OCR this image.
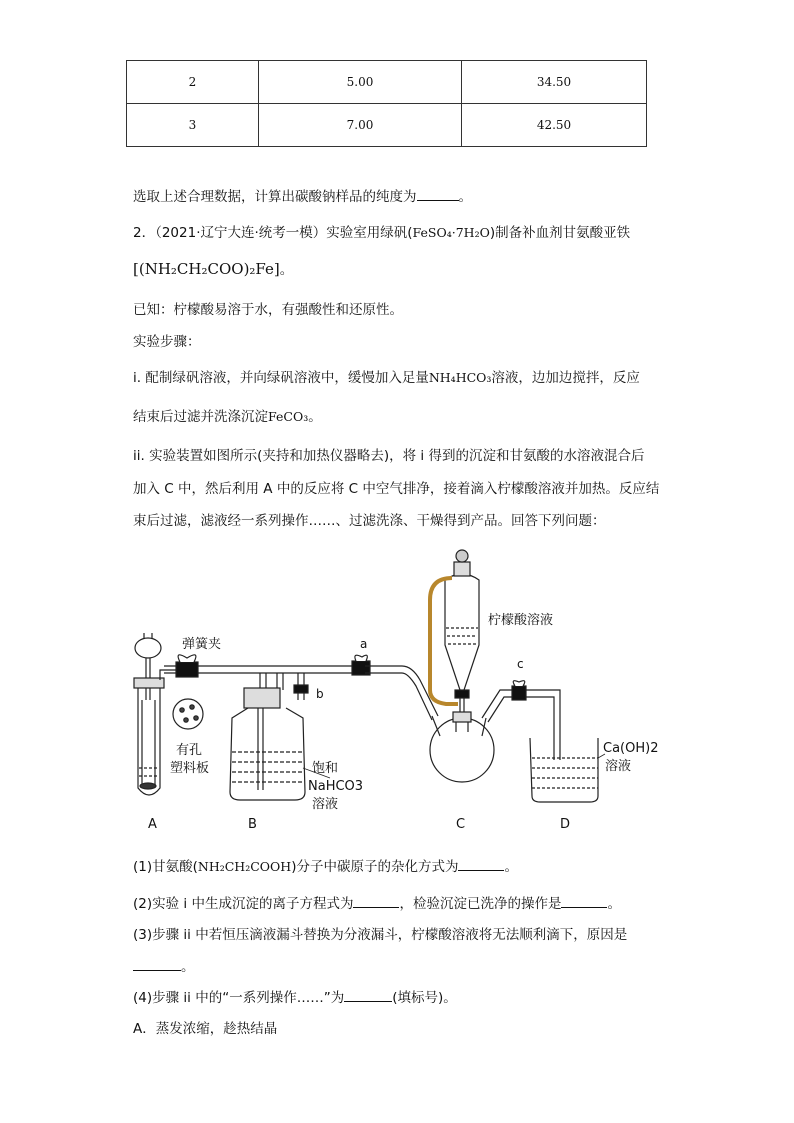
2	5.00	34.50
3	7.00	42.50
选取上述合理数据，计算出碳酸钠样品的纯度为	。
2．（2021·辽宁大连·统考一模）实验室用绿矾(FeSO₄·7H₂O)制备补血剂甘氨酸亚铁
[(NH₂CH₂COO)₂Fe]。
已知：柠檬酸易溶于水，有强酸性和还原性。
实验步骤：
i. 配制绿矾溶液，并向绿矾溶液中，缓慢加入足量NH₄HCO₃溶液，边加边搅拌，反应
结束后过滤并洗涤沉淀FeCO₃。
ii. 实验装置如图所示(夹持和加热仪器略去)，将 i 得到的沉淀和甘氨酸的水溶液混合后
加入 C 中，然后利用 A 中的反应将 C 中空气排净，接着滴入柠檬酸溶液并加热。反应结
束后过滤，滤液经一系列操作……、过滤洗涤、干燥得到产品。回答下列问题：
弹簧夹	a
b
c
柠檬酸溶液
有孔
塑料板	饱和
NaHCO3
溶液
Ca(OH)2
溶液
A	B	C	D
(1)甘氨酸(NH₂CH₂COOH)分子中碳原子的杂化方式为	。
(2)实验 i 中生成沉淀的离子方程式为	，检验沉淀已洗净的操作是	。
(3)步骤 ii 中若恒压滴液漏斗替换为分液漏斗，柠檬酸溶液将无法顺利滴下，原因是
。
(4)步骤 ii 中的“一系列操作……”为	(填标号)。
A．蒸发浓缩，趁热结晶
